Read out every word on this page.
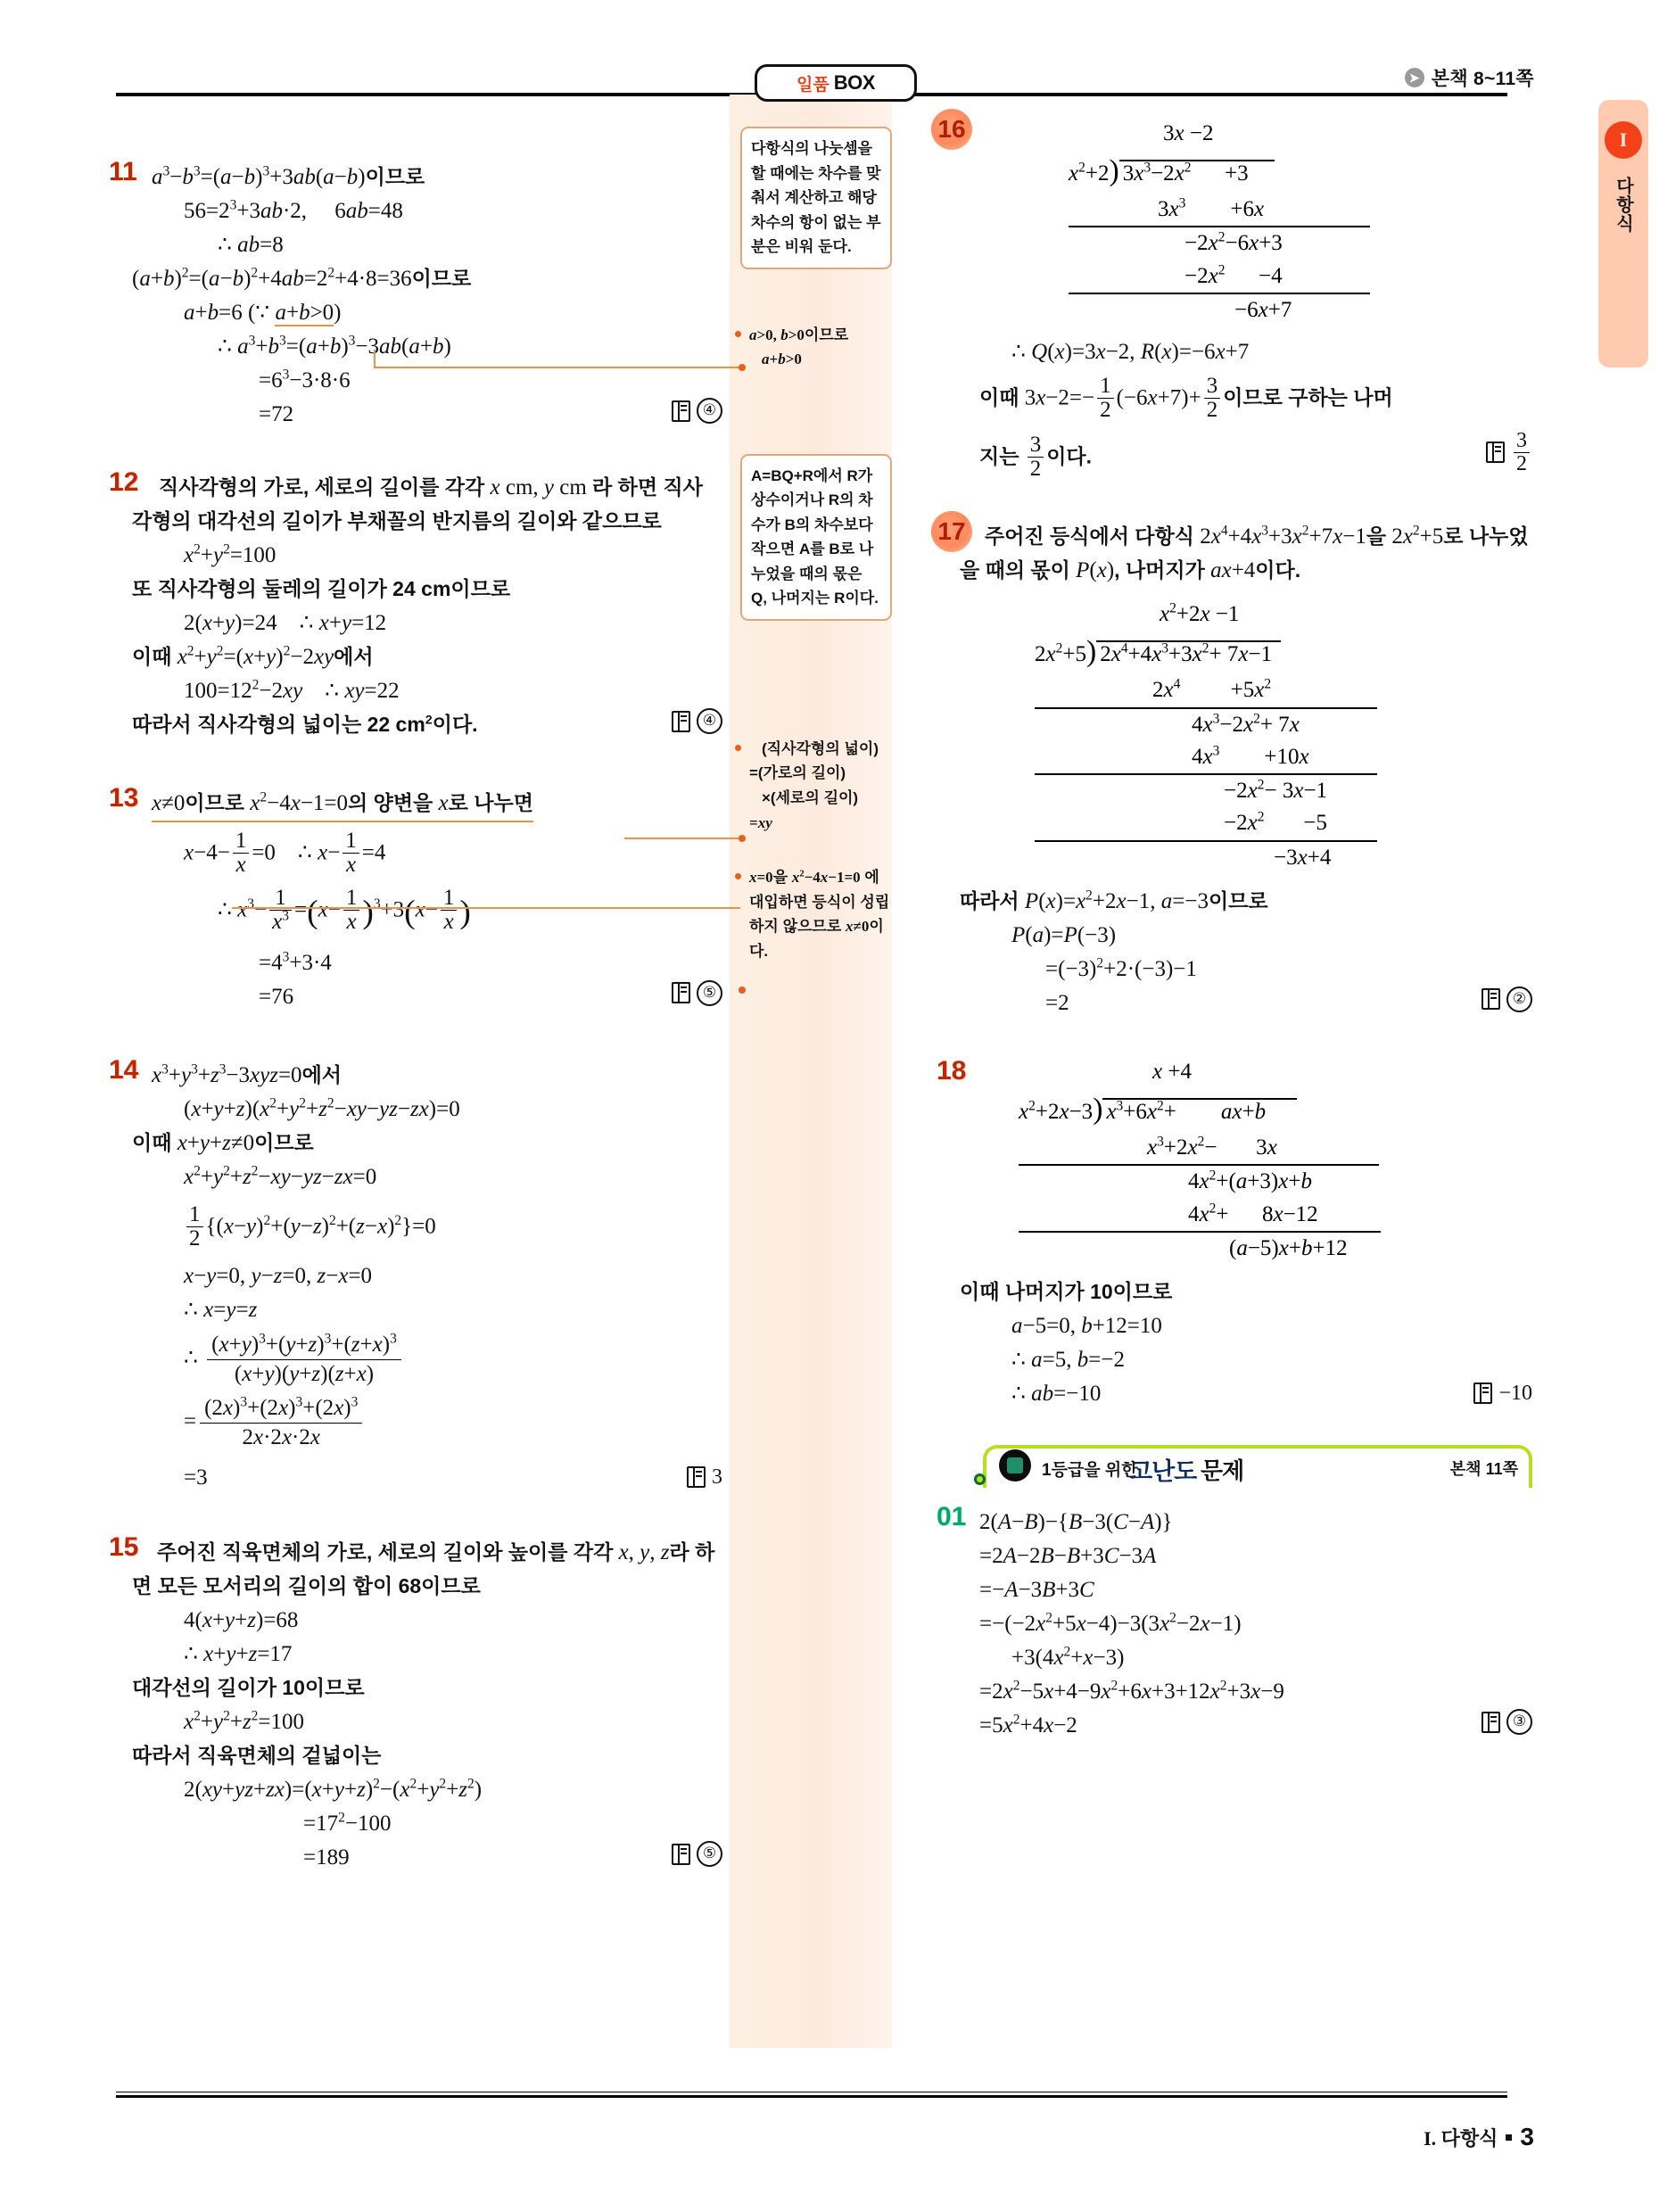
➤ 본책 8~11쪽
일품 BOX
I
다항식
11 $a^3-b^3=(a-b)^3+3ab(a-b)$이므로
$56=2^3+3ab\cdot 2$,     6ab=48
∴ ab=8
$(a+b)^2=(a-b)^2+4ab=2^2+4\cdot 8=36$이므로
a+b=6 (∵ a+b>0)
∴ $a^3+b^3=(a+b)^3-3ab(a+b)$
$=6^3-3\cdot 8\cdot 6$
=72	④
12 직사각형의 가로, 세로의 길이를 각각 x cm, y cm 라 하면 직사각형의 대각선의 길이가 부채꼴의 반지름의 길이와 같으므로
$x^2+y^2=100$
또 직사각형의 둘레의 길이가 24 cm이므로
2(x+y)=24    ∴ x+y=12
이때 $x^2+y^2=(x+y)^2-2xy$에서
$100=12^2-2xy$    ∴ xy=22
따라서 직사각형의 넓이는 22 $cm^2$이다.	④
13 x≠0이므로 $x^2-4x-1=0$의 양변을 x로 나누면
$x-4- \frac{1}{x} =0$    ∴ $x- \frac{1}{x} =4$
∴ $x^3- \frac{1}{x^3} =(x- \frac{1}{x} )^3+3(x- \frac{1}{x}$ )
$=4^3+3\cdot 4$
=76	⑤
14 $x^3+y^3+z^3-3xyz=0$에서
$(x+y+z)(x^2+y^2+z^2-xy-yz-zx)=0$
이때 x+y+z≠0이므로
$x^2+y^2+z^2-xy-yz-zx=0$
$\frac{1}{2} \{(x-y)^2+(y-z)^2+(z-x)^2\}=0$
x−y=0, y−z=0, z−x=0
∴ x=y=z
∴ $\frac{(x+y)^3+(y+z)^3+(z+x)^3}{(x+y)(y+z)(z+x)}$
= $\frac{(2x)^3+(2x)^3+(2x)^3}{2x\cdot 2x\cdot 2x}$
=3	3
15 주어진 직육면체의 가로, 세로의 길이와 높이를 각각 x, y, z라 하면 모든 모서리의 길이의 합이 68이므로
4(x+y+z)=68
∴ x+y+z=17
대각선의 길이가 10이므로
$x^2+y^2+z^2=100$
따라서 직육면체의 겉넓이는
$2(xy+yz+zx)=(x+y+z)^2-(x^2+y^2+z^2)$
$=17^2-100$
=189	⑤
다항식의 나눗셈을 할 때에는 차수를 맞춰서 계산하고 해당 차수의 항이 없는 부분은 비워 둔다.
a>0, b>0이므로
a+b>0
A=BQ+R에서 R가 상수이거나 R의 차수가 B의 차수보다 작으면 A를 B로 나누었을 때의 몫은 Q, 나머지는 R이다.
(직사각형의 넓이)
=(가로의 길이)
×(세로의 길이)
=xy
x=0을 $x^2-4x-1=0$ 에 대입하면 등식이 성립 하지 않으므로 x≠0이다.
16	3x −2
$x^2+2$) $3x^3-2x^2$      +3
$3x^3$        +6x
$-2x^2-6x+3$
$-2x^2$      −4
−6x+7
∴ Q(x)=3x−2, R(x)=−6x+7
이때 $3x-2=- \frac{1}{2} (-6x+7)+ \frac{3}{2}$ 이므로 구하는 나머
지는 $\frac{3}{2}$ 이다.	$\frac{3}{2}$
17 주어진 등식에서 다항식 $2x^4+4x^3+3x^2+7x-1$을 $2x^2+5$로 나누었을 때의 몫이 P(x), 나머지가 ax+4이다.
$x^2+2x -1$
$2x^2+5$) $2x^4+4x^3+3x^2+ 7x-1$
$2x^4$         $+5x^2$
$4x^3-2x^2+ 7x$
$4x^3$        +10x
$-2x^2- 3x-1$
$-2x^2$       −5
−3x+4
따라서 $P(x)=x^2+2x-1$, a=−3이므로
P(a)=P(−3)
$=(-3)^2+2\cdot(-3)-1$
=2	②
18	x +4
$x^2+2x-3$) $x^3+6x^2+$        ax+b
$x^3+2x^2-$       3x
$4x^2+(a+3)x+b$
$4x^2+$      8x−12
(a−5)x+b+12
이때 나머지가 10이므로
a−5=0, b+12=10
∴ a=5, b=−2
∴ ab=−10	−10
1등급을 위한
고난도 문제	본책 11쪽
01 2(A−B)−{B−3(C−A)}
=2A−2B−B+3C−3A
=−A−3B+3C
$=-(-2x^2+5x-4)-3(3x^2-2x-1)$
$+3(4x^2+x-3)$
$=2x^2-5x+4-9x^2+6x+3+12x^2+3x-9$
$=5x^2+4x-2$	③
I. 다항식 3
